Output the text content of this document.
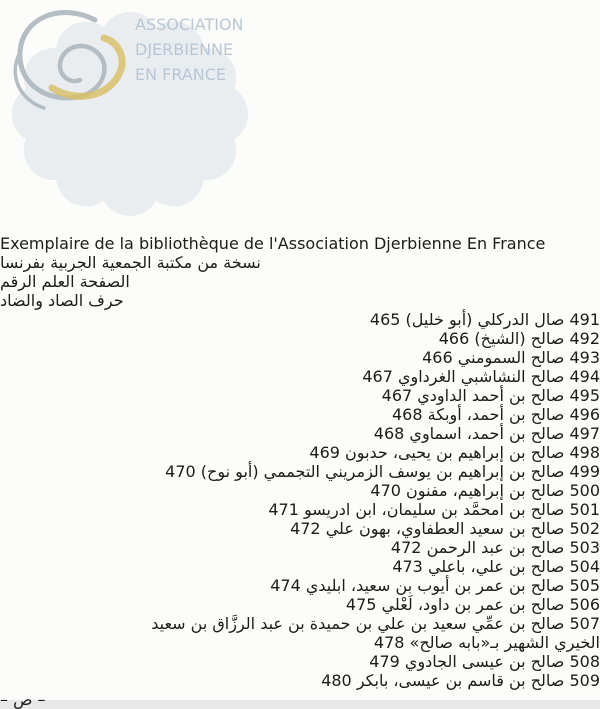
ASSOCIATION
DJERBIENNE
EN FRANCE
Exemplaire de la bibliothèque de l'Association Djerbienne En France
نسخة من مكتبة الجمعية الجربية بفرنسا
الصفحة العلم الرقم
حرف الصاد والضاد
491 صال الدركلي (أبو خليل) 465
492 صالح (الشيخ) 466
493 صالح السمومني 466
494 صالح النشاشبي الغرداوي 467
495 صالح بن أحمد الداودي 467
496 صالح بن أحمد، أوبكة 468
497 صالح بن أحمد، اسماوي 468
498 صالح بن إبراهيم بن يحيى، حدبون 469
499 صالح بن إبراهيم بن يوسف الزمريني التجممي (أبو نوح) 470
500 صالح بن إبراهيم، مفنون 470
501 صالح بن امحمَّد بن سليمان، ابن ادريسو 471
502 صالح بن سعيد العطفاوي، بهون علي 472
503 صالح بن عبد الرحمن 472
504 صالح بن علي، باعلي 473
505 صالح بن عمر بن أيوب بن سعيد، ابليدي 474
506 صالح بن عمر بن داود، لَعْلي 475
507 صالح بن عمِّي سعيد بن علي بن حميدة بن عبد الرزَّاق بن سعيد
الخيري الشهير بـ«بابه صالح» 478
508 صالح بن عيسى الجادوي 479
509 صالح بن قاسم بن عيسى، بابكر 480
– ص –
